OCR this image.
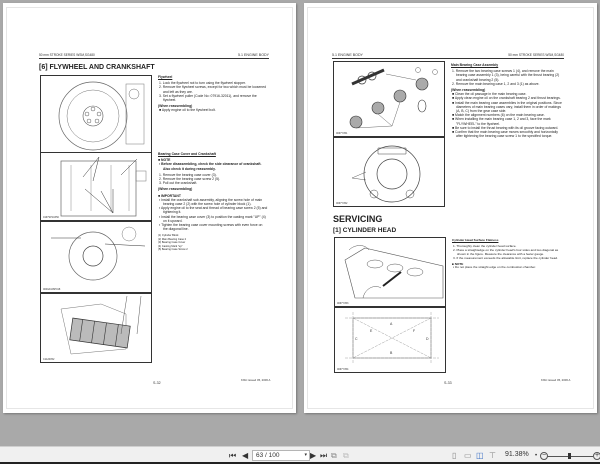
50 mm STROKE SERIES WSM,SG480	5.1 ENGINE BODY
[6] FLYWHEEL AND CRANKSHAFT
0167SP10350
0000A106P018
C1120052
Flywheel
1. Lock the flywheel not to turn using the flywheel stopper.
2. Remove the flywheel screws, except for two which must be loosened and left as they are.
3. Set a flywheel puller (Code No: 07916-32011), and remove the flywheel.
(When reassembling)
■ Apply engine oil to the flywheel bolt.
Bearing Case Cover and Crankshaft
■ NOTE
▪ Before disassembling, check the side clearance of crankshaft. Also check it during reassembly.
1. Remove the bearing case cover (3).
2. Remove the bearing case screw 2 (5).
3. Pull out the crankshaft.
(When reassembling)
■ IMPORTANT
▪ Install the crankshaft sub assembly, aligning the screw hole of main bearing case 2 (2) with the screw hole of cylinder block (1).
▪ Apply engine oil to the seat and thread of bearing case screw 2 (5) and tightening it.
▪ Install the bearing case cover (3) to position the casting mark "UP" (4) on it upward.
▪ Tighten the bearing case cover mounting screws with even force on the diagonal line.
(1) Cylinder Block
(2) Main Bearing Case 2
(3) Bearing Case Cover
(4) Casting Mark "up"
(5) Bearing Case Screw 2
S-32
KiSC issued 05, 2006 A
5.1 ENGINE BODY	50 mm STROKE SERIES WSM,SG480
0067Y051
0067Y052
Main Bearing Case Assembly
1. Remove the two bearing case screws 1 (4), and remove the main bearing case assembly 1 (3), being careful with the thrust bearing (2) and crankshaft bearing 2 (5).
2. Remove the main bearing case 1, 2 and 3 (1) as above.
(When reassembling)
■ Clean the oil passage in the main bearing case.
■ Apply clean engine oil on the crankshaft bearing 2 and thrust bearings.
■ Install the main bearing case assemblies in the original positions. Since diameters of main bearing cases vary, install them in order of makings (A, B, C) from the gear case side.
■ Match the alignment numbers (6) on the main bearing case.
■ When installing the main bearing case 1, 2 and 3, face the mark "FLYWHEEL" to the flywheel.
■ Be sure to install the thrust bearing with its oil groove facing outward.
■ Confirm that the main bearing case moves smoothly and horizontally after tightening the bearing case screw 1 to the specified torque.
SERVICING
[1] CYLINDER HEAD
0067Y053
A
B
C	D
E	F
0067Y054
Cylinder Head Surface Flatness
1. Thoroughly clean the cylinder head surface.
2. Place a straightedge on the cylinder head's four sides and two diagonal as shown in the figure. Measure the clearance with a feeler gauge.
3. If the measurement exceeds the allowable limit, replace the cylinder head.
■ NOTE
▪ Do not place the straight edge on the combustion chamber.
S-33
KiSC issued 05, 2006 A
⏮ ◀	63 / 100	▾ ▶ ⏭ ⧉ ⧉	▯ ▭ ◫ ⊤ 91.38% • −	+
